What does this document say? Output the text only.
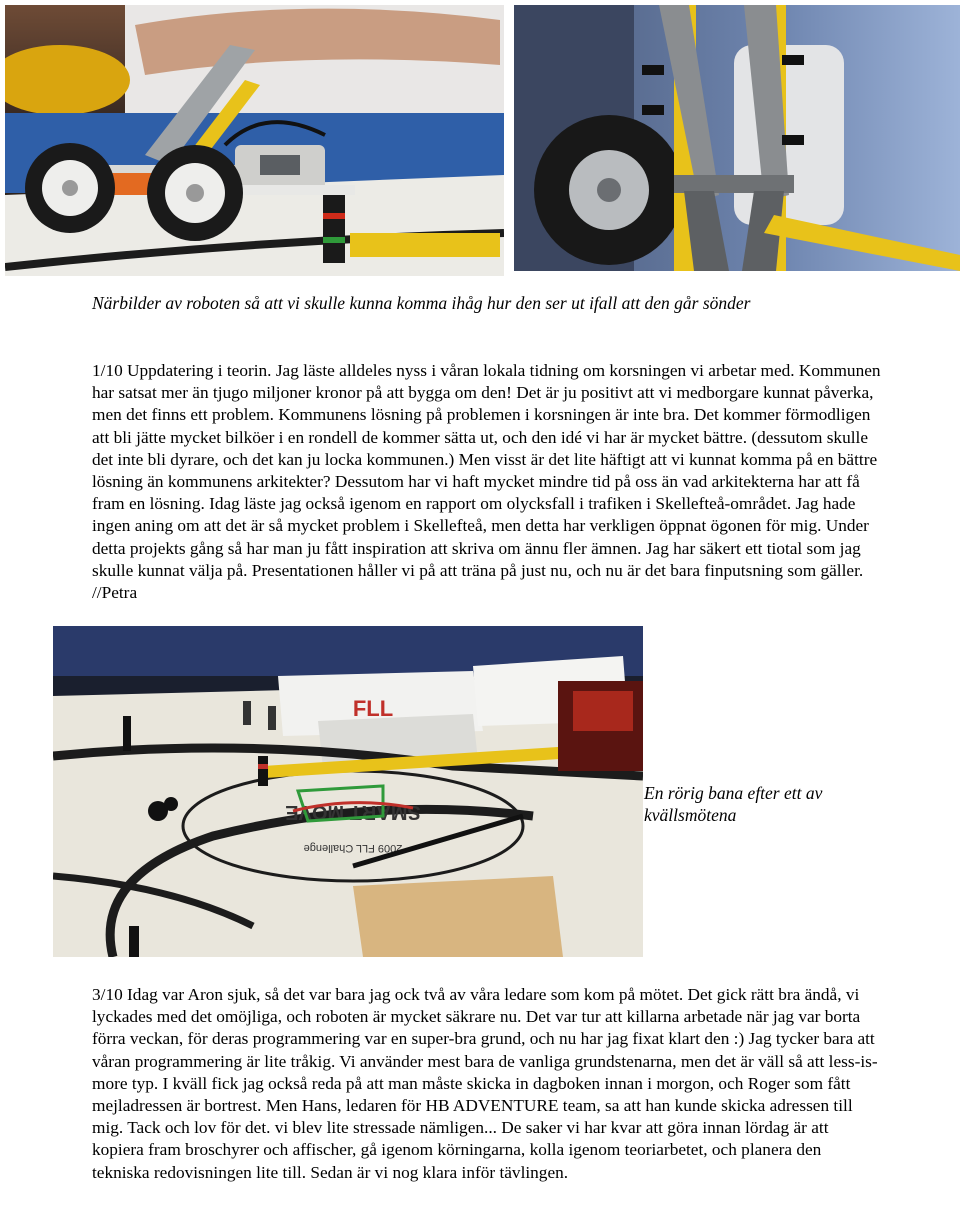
Närbilder av roboten så att vi skulle kunna komma ihåg hur den ser ut ifall att den går sönder

1/10 Uppdatering i teorin. Jag läste alldeles nyss i våran lokala tidning om korsningen vi arbetar med. Kommunen har satsat mer än tjugo miljoner kronor på att bygga om den! Det är ju positivt att vi medborgare kunnat påverka, men det finns ett problem. Kommunens lösning på problemen i korsningen är inte bra. Det kommer förmodligen att bli jätte mycket bilköer i en rondell de kommer sätta ut, och den idé vi har är mycket bättre. (dessutom skulle det inte bli dyrare, och det kan ju locka kommunen.) Men visst är det lite häftigt att vi kunnat komma på en bättre lösning än kommunens arkitekter? Dessutom har vi haft mycket mindre tid på oss än vad arkitekterna har att få fram en lösning. Idag läste jag också igenom en rapport om olycksfall i trafiken i Skellefteå-området. Jag hade ingen aning om att det är så mycket problem i Skellefteå, men detta har verkligen öppnat ögonen för mig. Under detta projekts gång så har man ju fått inspiration att skriva om ännu fler ämnen. Jag har säkert ett tiotal som jag skulle kunnat välja på. Presentationen håller vi på att träna på just nu, och nu är det bara finputsning som gäller. //Petra

FLL
SMART MOVE
2009 FLL Challenge
En rörig bana efter ett av kvällsmötena

3/10 Idag var Aron sjuk, så det var bara jag ock två av våra ledare som kom på mötet. Det gick rätt bra ändå, vi lyckades med det omöjliga, och roboten är mycket säkrare nu. Det var tur att killarna arbetade när jag var borta förra veckan, för deras programmering var en super-bra grund, och nu har jag fixat klart den :) Jag tycker bara att våran programmering är lite tråkig. Vi använder mest bara de vanliga grundstenarna, men det är väll så att less-is-more typ. I kväll fick jag också reda på att man måste skicka in dagboken innan i morgon, och Roger som fått mejladressen är bortrest. Men Hans, ledaren för HB ADVENTURE team, sa att han kunde skicka adressen till mig. Tack och lov för det. vi blev lite stressade nämligen... De saker vi har kvar att göra innan lördag är att kopiera fram broschyrer och affischer, gå igenom körningarna, kolla igenom teoriarbetet, och planera den tekniska redovisningen lite till. Sedan är vi nog klara inför tävlingen.
